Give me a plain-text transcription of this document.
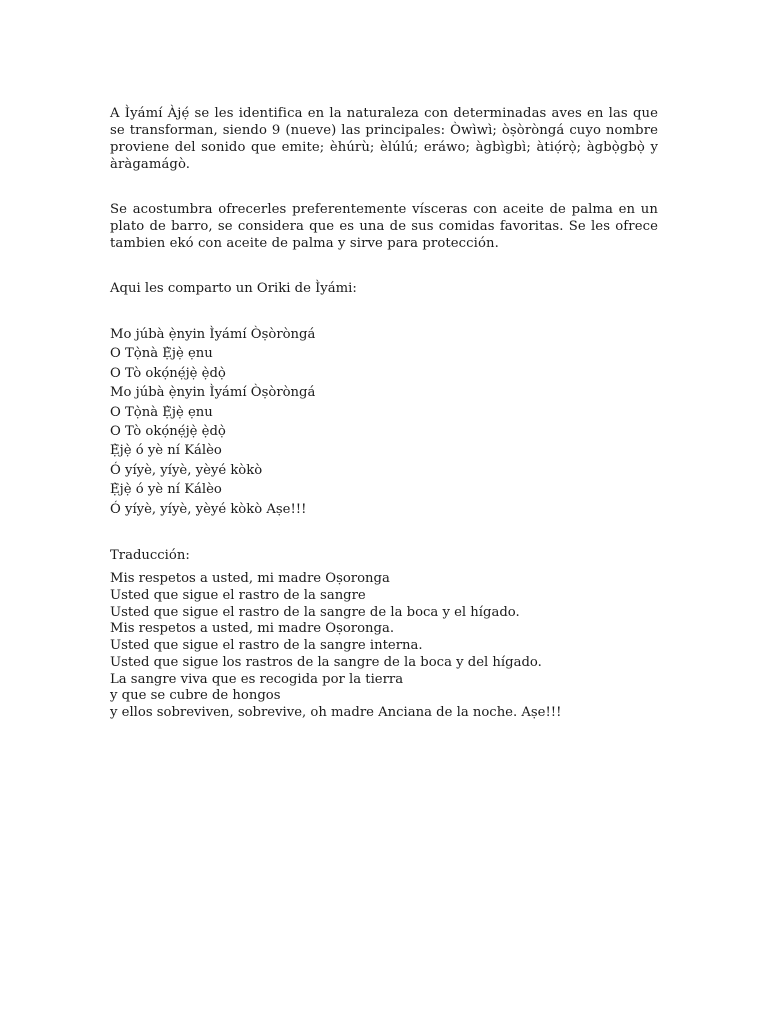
A Ìyámí Àjẹ́ se les identifica en la naturaleza con determinadas aves en las que se transforman, siendo 9 (nueve) las principales: Òwìwì; òṣòròngá cuyo nombre proviene del sonido que emite; èhúrù; èlúlú; eráwo; àgbìgbì; àtiọ́rọ̀; àgbọ̀gbọ̀ y àràgamágò.

Se acostumbra ofrecerles preferentemente vísceras con aceite de palma en un plato de barro, se considera que es una de sus comidas favoritas. Se les ofrece tambien ekó con aceite de palma y sirve para protección.

Aqui les comparto un Oriki de Ìyámi:
Mo júbà ẹ̀nyin Ìyámí Òṣòròngá
O Tọ̀nà Ẹ̀jẹ̀ ẹnu
O Tò okọ́nẹ́jẹ̀ ẹ̀dọ̀
Mo júbà ẹ̀nyin Ìyámí Òṣòròngá
O Tọ̀nà Ẹ̀jẹ̀ ẹnu
O Tò okọ́nẹ́jẹ̀ ẹ̀dọ̀
Ẹ̀jẹ̀ ó yè ní Kálèo
Ó yíyè, yíyè, yèyé kòkò
Ẹ̀jẹ̀ ó yè ní Kálèo
Ó yíyè, yíyè, yèyé kòkò Aṣe!!!
Traducción:
Mis respetos a usted, mi madre Oṣoronga
Usted que sigue el rastro de la sangre
Usted que sigue el rastro de la sangre de la boca y el hígado.
Mis respetos a usted, mi madre Oṣoronga.
Usted que sigue el rastro de la sangre interna.
Usted que sigue los rastros de la sangre de la boca y del hígado.
La sangre viva que es recogida por la tierra
y que se cubre de hongos
y ellos sobreviven, sobrevive, oh madre Anciana de la noche. Aṣe!!!
